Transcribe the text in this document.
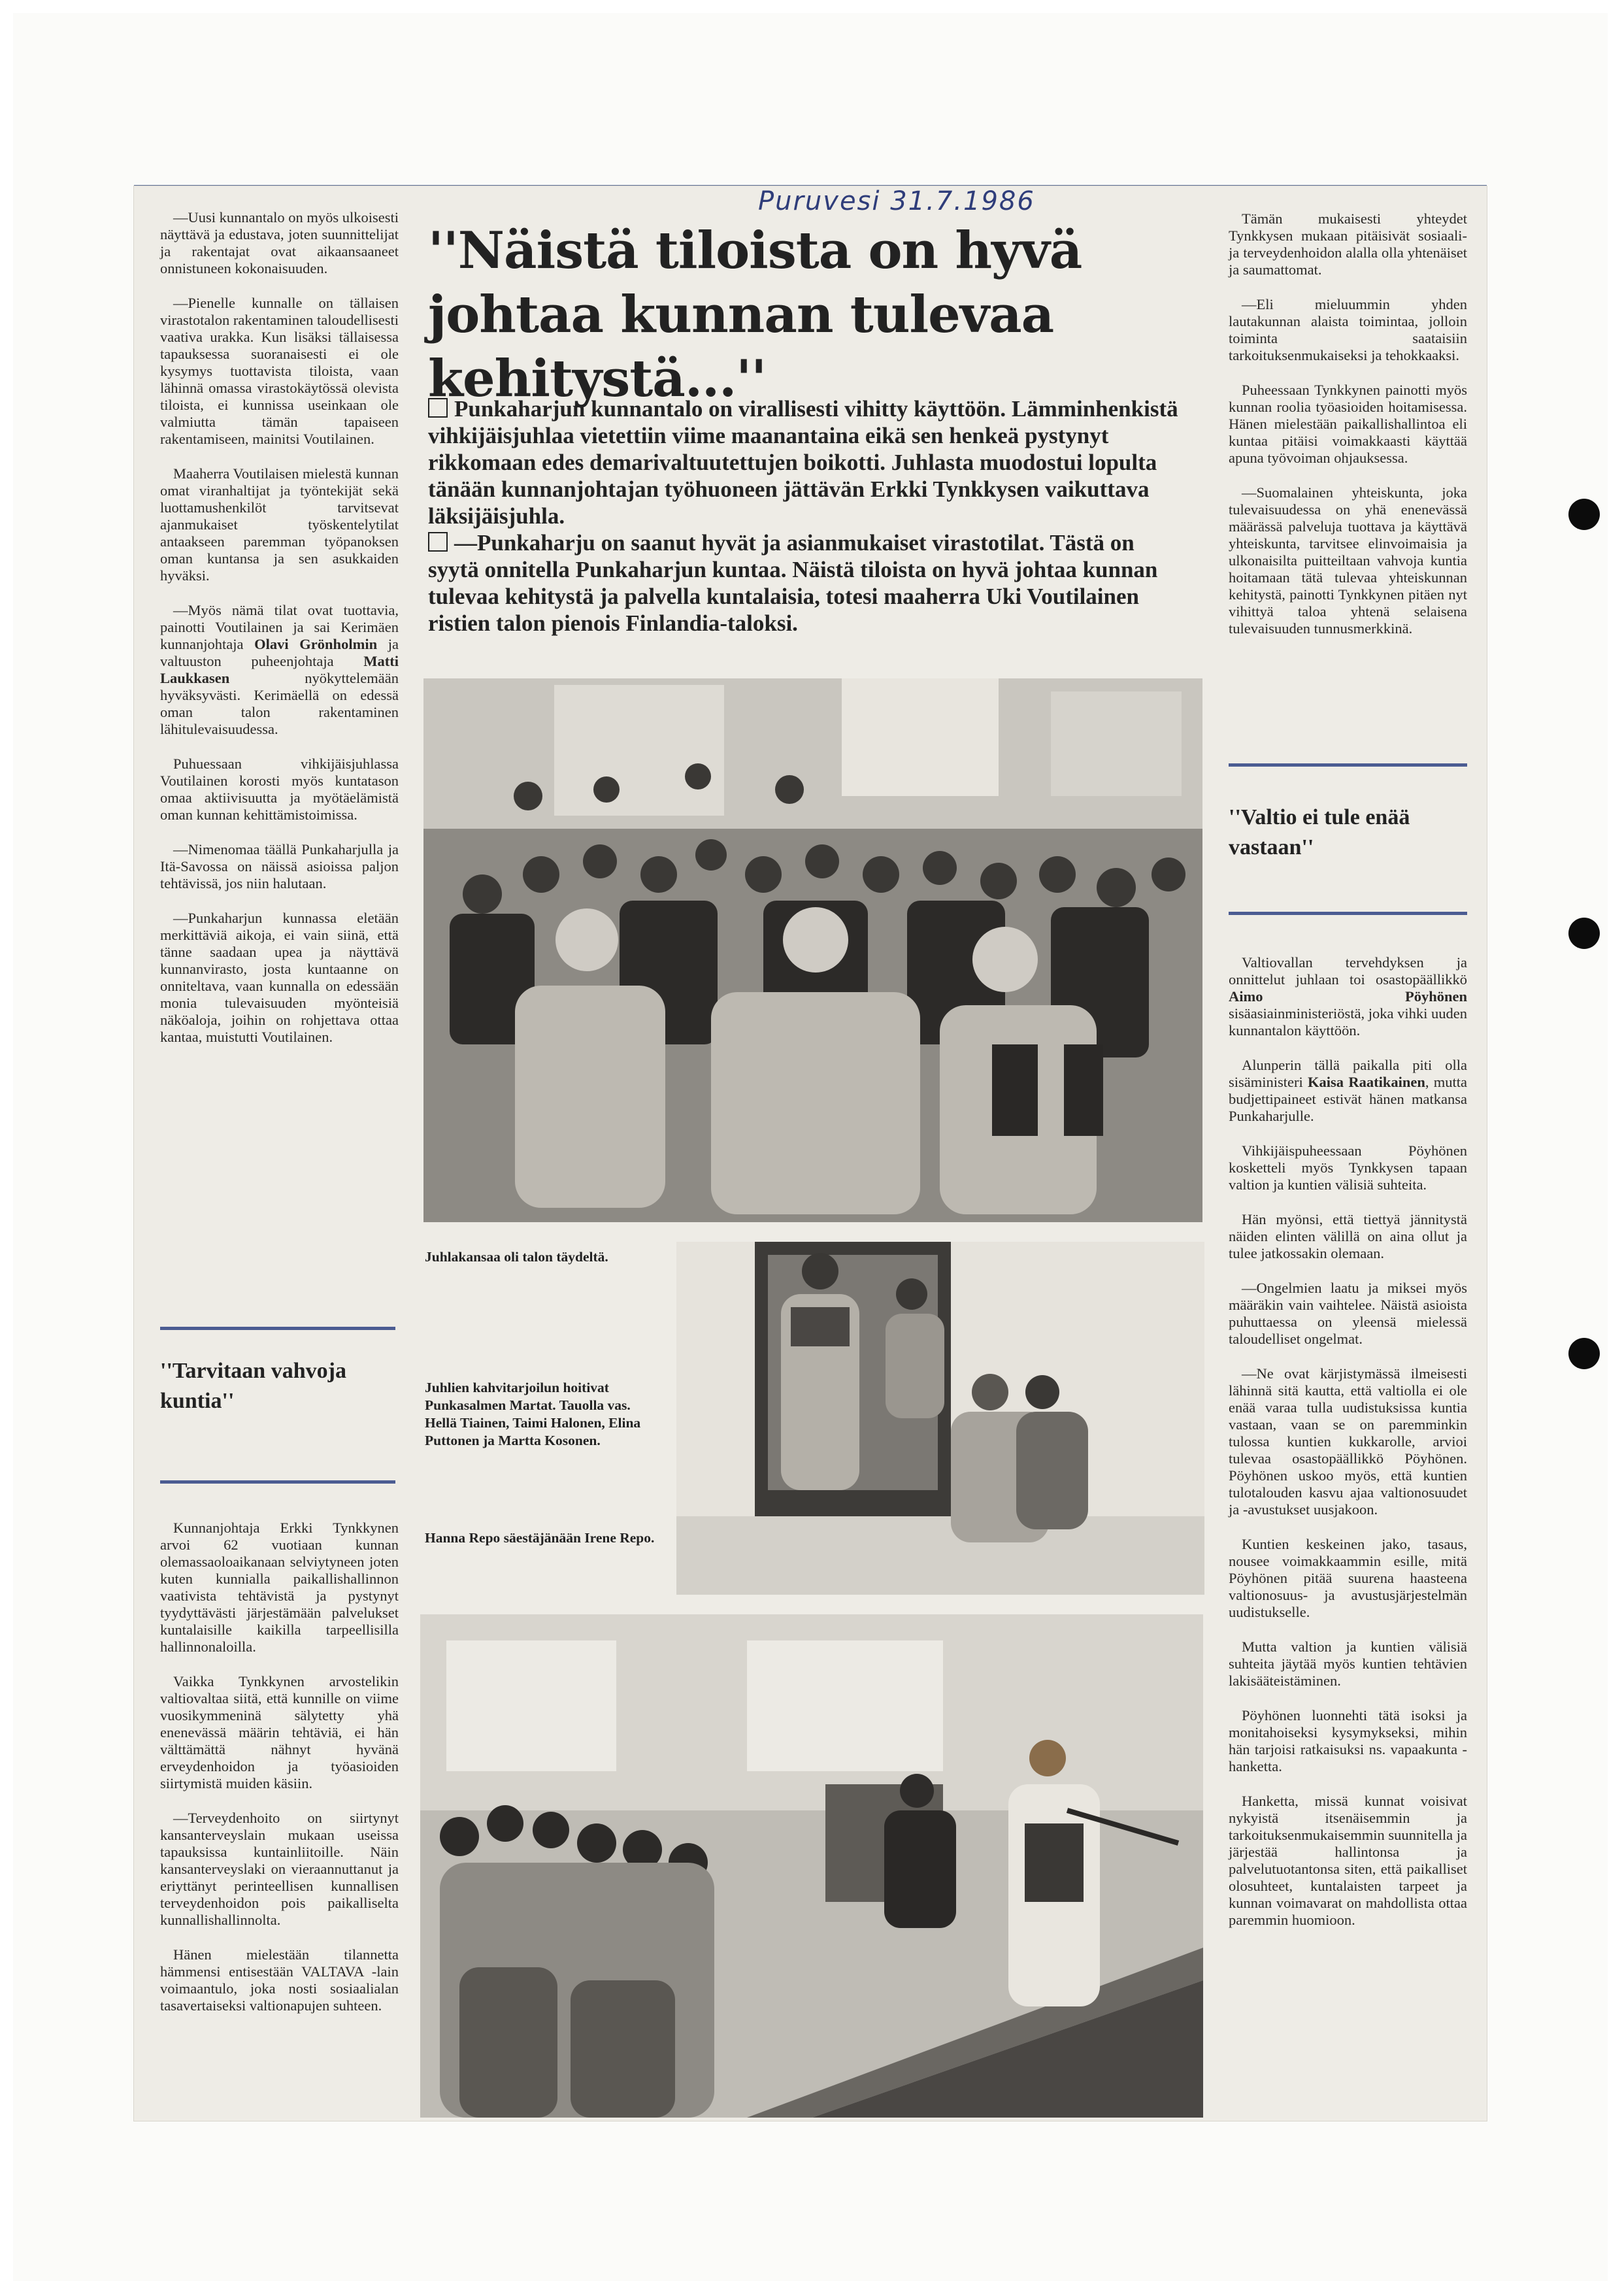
Puruvesi 31.7.1986
''Näistä tiloista on hyvä johtaa kunnan tulevaa kehitystä...''

Punkaharjun kunnantalo on virallisesti vihitty käyttöön. Lämminhenkistä vihkijäisjuhlaa vietettiin viime maanantaina eikä sen henkeä pystynyt rikkomaan edes demarivaltuutettujen boikotti. Juhlasta muodostui lopulta tänään kunnanjohtajan työhuoneen jättävän Erkki Tynkkysen vaikuttava läksijäisjuhla.

—Punkaharju on saanut hyvät ja asianmukaiset virastotilat. Tästä on syytä onnitella Punkaharjun kuntaa. Näistä tiloista on hyvä johtaa kunnan tulevaa kehitystä ja palvella kuntalaisia, totesi maaherra Uki Voutilainen ristien talon pienois Finlandia-taloksi.

—Uusi kunnantalo on myös ulkoisesti näyttävä ja edustava, joten suunnittelijat ja rakentajat ovat aikaansaaneet onnistuneen kokonaisuuden.

—Pienelle kunnalle on tällaisen virastotalon rakentaminen taloudellisesti vaativa urakka. Kun lisäksi tällaisessa tapauksessa suoranaisesti ei ole kysymys tuottavista tiloista, vaan lähinnä omassa virastokäytössä olevista tiloista, ei kunnissa useinkaan ole valmiutta tämän tapaiseen rakentamiseen, mainitsi Voutilainen.

Maaherra Voutilaisen mielestä kunnan omat viranhaltijat ja työntekijät sekä luottamushenkilöt tarvitsevat ajanmukaiset työskentelytilat antaakseen paremman työpanoksen oman kuntansa ja sen asukkaiden hyväksi.

—Myös nämä tilat ovat tuottavia, painotti Voutilainen ja sai Kerimäen kunnanjohtaja Olavi Grönholmin ja valtuuston puheenjohtaja Matti Laukkasen nyökyttelemään hyväksyvästi. Kerimäellä on edessä oman talon rakentaminen lähitulevaisuudessa.

Puhuessaan vihkijäisjuhlassa Voutilainen korosti myös kuntatason omaa aktiivisuutta ja myötäelämistä oman kunnan kehittämistoimissa.

—Nimenomaa täällä Punkaharjulla ja Itä-Savossa on näissä asioissa paljon tehtävissä, jos niin halutaan.

—Punkaharjun kunnassa eletään merkittäviä aikoja, ei vain siinä, että tänne saadaan upea ja näyttävä kunnanvirasto, josta kuntaanne on onniteltava, vaan kunnalla on edessään monia tulevaisuuden myönteisiä näköaloja, joihin on rohjettava ottaa kantaa, muistutti Voutilainen.

''Tarvitaan vahvoja kuntia''

Kunnanjohtaja Erkki Tynkkynen arvoi 62 vuotiaan kunnan olemassaoloaikanaan selviytyneen joten kuten kunnialla paikallishallinnon vaativista tehtävistä ja pystynyt tyydyttävästi järjestämään palvelukset kuntalaisille kaikilla tarpeellisilla hallinnonaloilla.

Vaikka Tynkkynen arvostelikin valtiovaltaa siitä, että kunnille on viime vuosikymmeninä sälytetty yhä enenevässä määrin tehtäviä, ei hän välttämättä nähnyt hyvänä erveydenhoidon ja työasioiden siirtymistä muiden käsiin.

—Terveydenhoito on siirtynyt kansanterveyslain mukaan useissa tapauksissa kuntainliitoille. Näin kansanterveyslaki on vieraannuttanut ja eriyttänyt perinteellisen kunnallisen terveydenhoidon pois paikalliselta kunnallishallinnolta.

Hänen mielestään tilannetta hämmensi entisestään VALTAVA -lain voimaantulo, joka nosti sosiaalialan tasavertaiseksi valtionapujen suhteen.

Tämän mukaisesti yhteydet Tynkkysen mukaan pitäisivät sosiaali- ja terveydenhoidon alalla olla yhtenäiset ja saumattomat.

—Eli mieluummin yhden lautakunnan alaista toimintaa, jolloin toiminta saataisiin tarkoituksenmukaiseksi ja tehokkaaksi.

Puheessaan Tynkkynen painotti myös kunnan roolia työasioiden hoitamisessa. Hänen mielestään paikallishallintoa eli kuntaa pitäisi voimakkaasti käyttää apuna työvoiman ohjauksessa.

—Suomalainen yhteiskunta, joka tulevaisuudessa on yhä enenevässä määrässä palveluja tuottava ja käyttävä yhteiskunta, tarvitsee elinvoimaisia ja ulkonaisilta puitteiltaan vahvoja kuntia hoitamaan tätä tulevaa yhteiskunnan kehitystä, painotti Tynkkynen pitäen nyt vihittyä taloa yhtenä selaisena tulevaisuuden tunnusmerkkinä.

''Valtio ei tule enää vastaan''

Valtiovallan tervehdyksen ja onnittelut juhlaan toi osastopäällikkö Aimo Pöyhönen sisäasiainministeriöstä, joka vihki uuden kunnantalon käyttöön.

Alunperin tällä paikalla piti olla sisäministeri Kaisa Raatikainen, mutta budjettipaineet estivät hänen matkansa Punkaharjulle.

Vihkijäispuheessaan Pöyhönen kosketteli myös Tynkkysen tapaan valtion ja kuntien välisiä suhteita.

Hän myönsi, että tiettyä jännitystä näiden elinten välillä on aina ollut ja tulee jatkossakin olemaan.

—Ongelmien laatu ja miksei myös määräkin vain vaihtelee. Näistä asioista puhuttaessa on yleensä mielessä taloudelliset ongelmat.

—Ne ovat kärjistymässä ilmeisesti lähinnä sitä kautta, että valtiolla ei ole enää varaa tulla uudistuksissa kuntia vastaan, vaan se on paremminkin tulossa kuntien kukkarolle, arvioi tulevaa osastopäällikkö Pöyhönen. Pöyhönen uskoo myös, että kuntien tulotalouden kasvu ajaa valtionosuudet ja -avustukset uusjakoon.

Kuntien keskeinen jako, tasaus, nousee voimakkaammin esille, mitä Pöyhönen pitää suurena haasteena valtionosuus- ja avustusjärjestelmän uudistukselle.

Mutta valtion ja kuntien välisiä suhteita jäytää myös kuntien tehtävien lakisääteistäminen.

Pöyhönen luonnehti tätä isoksi ja monitahoiseksi kysymykseksi, mihin hän tarjoisi ratkaisuksi ns. vapaakunta -hanketta.

Hanketta, missä kunnat voisivat nykyistä itsenäisemmin ja tarkoituksenmukaisemmin suunnitella ja järjestää hallintonsa ja palvelutuotantonsa siten, että paikalliset olosuhteet, kuntalaisten tarpeet ja kunnan voimavarat on mahdollista ottaa paremmin huomioon.

Juhlakansaa oli talon täydeltä.
Juhlien kahvitarjoilun hoitivat Punkasalmen Martat. Tauolla vas. Hellä Tiainen, Taimi Halonen, Elina Puttonen ja Martta Kosonen.
Hanna Repo säestäjänään Irene Repo.
